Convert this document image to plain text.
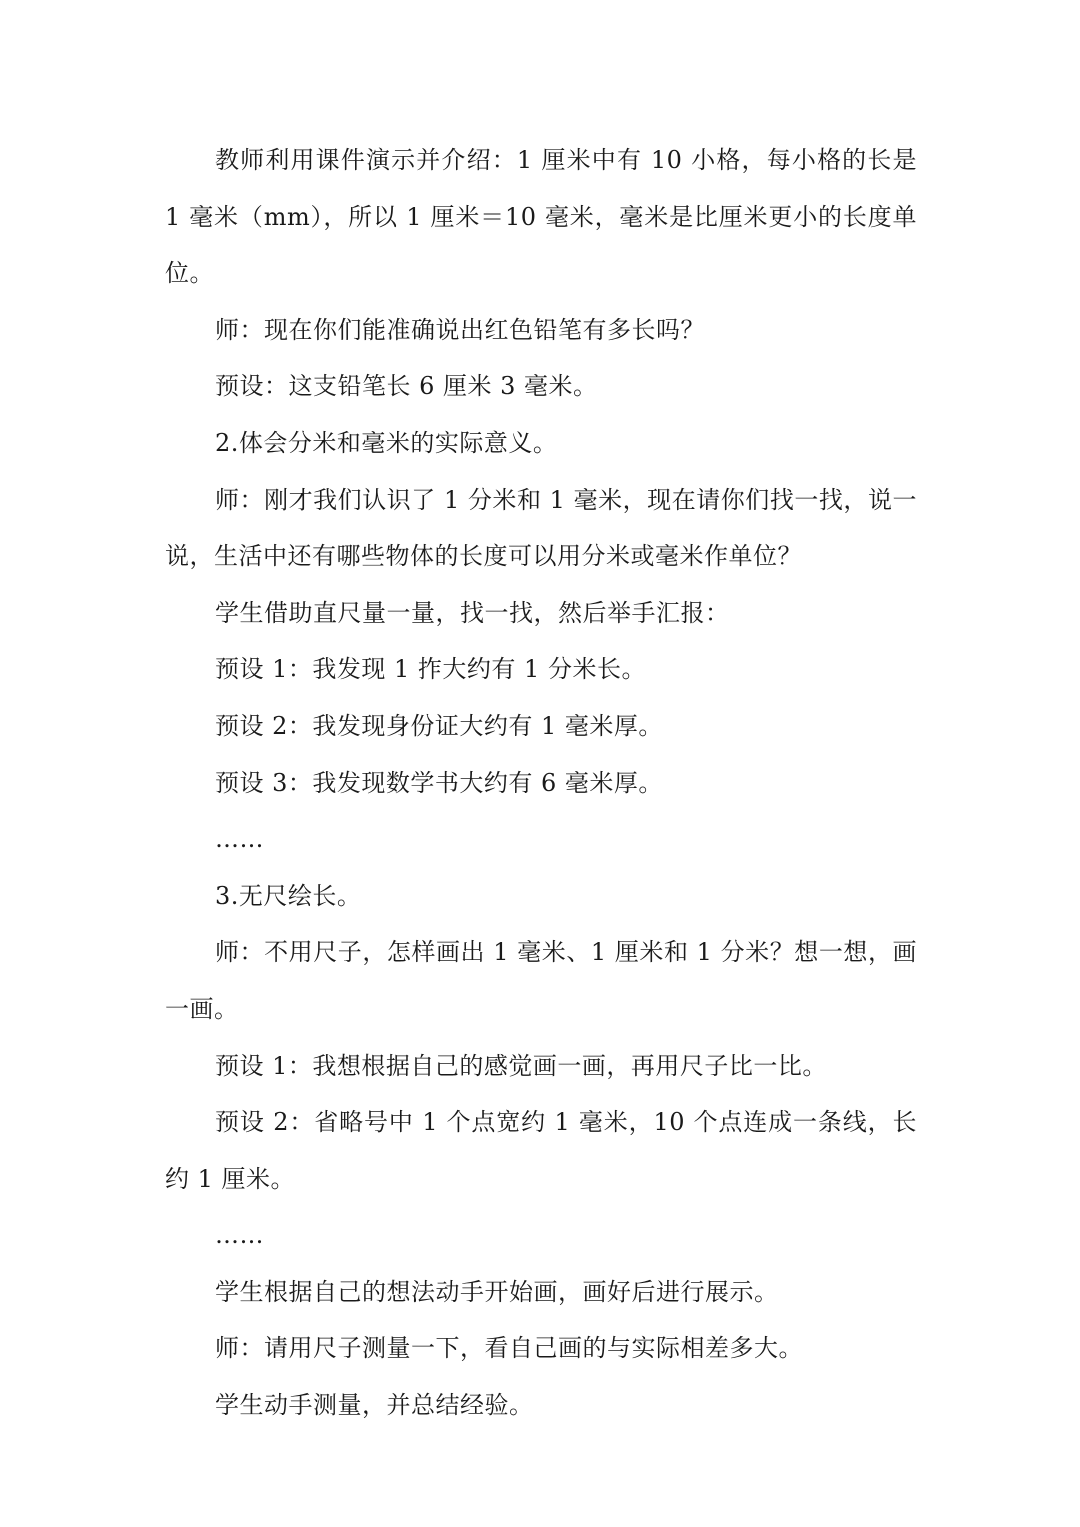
教师利用课件演示并介绍：1 厘米中有 10 小格，每小格的长是 1 毫米（mm），所以 1 厘米＝10 毫米，毫米是比厘米更小的长度单位。

师：现在你们能准确说出红色铅笔有多长吗？

预设：这支铅笔长 6 厘米 3 毫米。

2.体会分米和毫米的实际意义。

师：刚才我们认识了 1 分米和 1 毫米，现在请你们找一找，说一说，生活中还有哪些物体的长度可以用分米或毫米作单位？

学生借助直尺量一量，找一找，然后举手汇报：

预设 1：我发现 1 拃大约有 1 分米长。

预设 2：我发现身份证大约有 1 毫米厚。

预设 3：我发现数学书大约有 6 毫米厚。

……

3.无尺绘长。

师：不用尺子，怎样画出 1 毫米、1 厘米和 1 分米？想一想，画一画。

预设 1：我想根据自己的感觉画一画，再用尺子比一比。

预设 2：省略号中 1 个点宽约 1 毫米，10 个点连成一条线，长约 1 厘米。

……

学生根据自己的想法动手开始画，画好后进行展示。

师：请用尺子测量一下，看自己画的与实际相差多大。

学生动手测量，并总结经验。
